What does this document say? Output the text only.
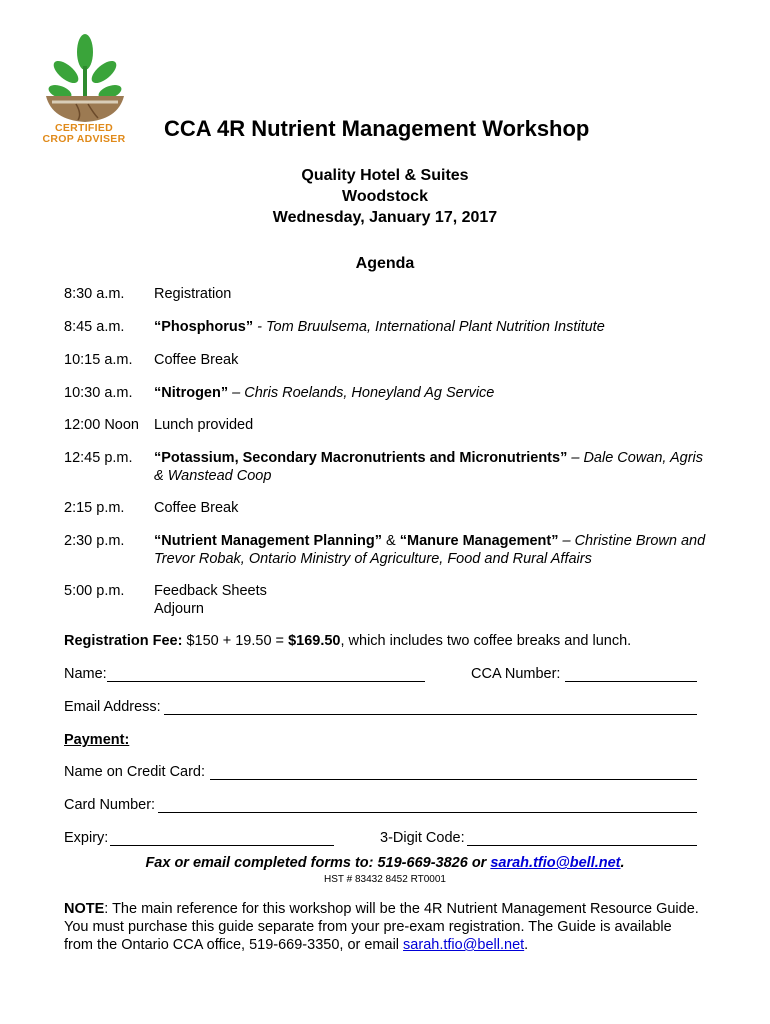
CERTIFIED
CROP ADVISER	CCA 4R Nutrient Management Workshop
Quality Hotel & Suites
Woodstock
Wednesday, January 17, 2017
Agenda
8:30 a.m. Registration
8:45 a.m. “Phosphorus” - Tom Bruulsema, International Plant Nutrition Institute
10:15 a.m. Coffee Break
10:30 a.m. “Nitrogen” – Chris Roelands, Honeyland Ag Service
12:00 Noon Lunch provided
12:45 p.m. “Potassium, Secondary Macronutrients and Micronutrients” – Dale Cowan, Agris & Wanstead Coop
2:15 p.m. Coffee Break
2:30 p.m. “Nutrient Management Planning” & “Manure Management” – Christine Brown and Trevor Robak, Ontario Ministry of Agriculture, Food and Rural Affairs
5:00 p.m. Feedback Sheets
Adjourn
Registration Fee: $150 + 19.50 = $169.50, which includes two coffee breaks and lunch.
Name:	CCA Number:
Email Address:
Payment:
Name on Credit Card:
Card Number:
Expiry:	3-Digit Code:
Fax or email completed forms to: 519-669-3826 or sarah.tfio@bell.net.
HST # 83432 8452 RT0001
NOTE: The main reference for this workshop will be the 4R Nutrient Management Resource Guide. You must purchase this guide separate from your pre-exam registration. The Guide is available from the Ontario CCA office, 519-669-3350, or email sarah.tfio@bell.net.
